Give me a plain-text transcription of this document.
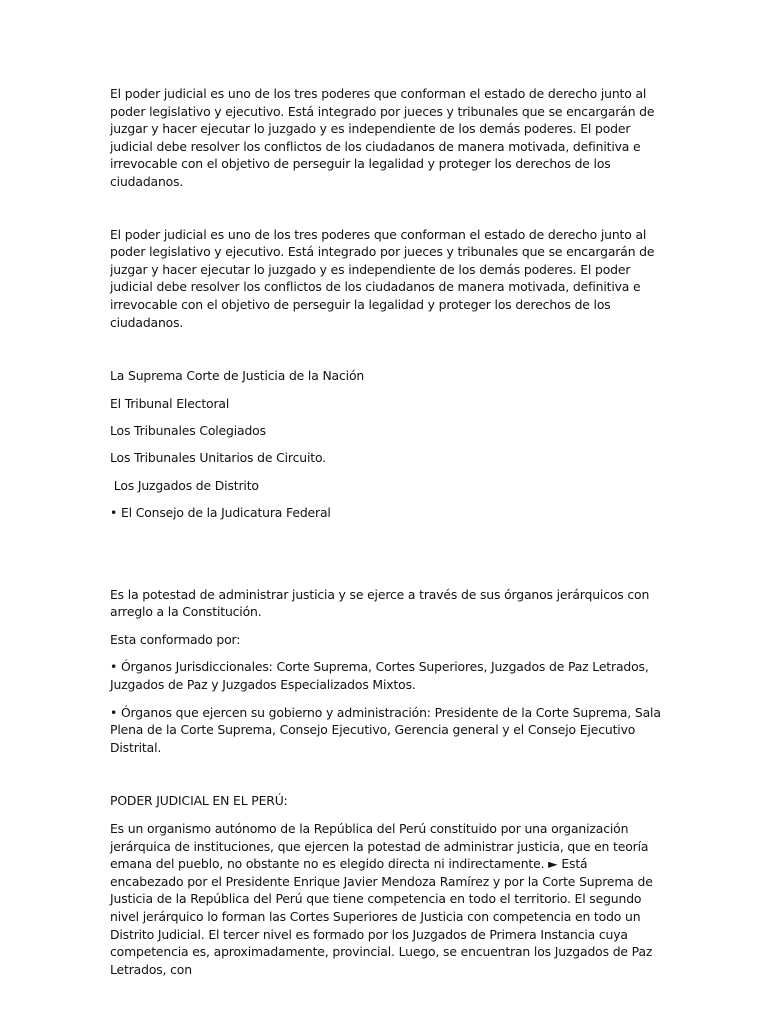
El poder judicial es uno de los tres poderes que conforman el estado de derecho junto al poder legislativo y ejecutivo. Está integrado por jueces y tribunales que se encargarán de juzgar y hacer ejecutar lo juzgado y es independiente de los demás poderes. El poder judicial debe resolver los conflictos de los ciudadanos de manera motivada, definitiva e irrevocable con el objetivo de perseguir la legalidad y proteger los derechos de los ciudadanos.

El poder judicial es uno de los tres poderes que conforman el estado de derecho junto al poder legislativo y ejecutivo. Está integrado por jueces y tribunales que se encargarán de juzgar y hacer ejecutar lo juzgado y es independiente de los demás poderes. El poder judicial debe resolver los conflictos de los ciudadanos de manera motivada, definitiva e irrevocable con el objetivo de perseguir la legalidad y proteger los derechos de los ciudadanos.

La Suprema Corte de Justicia de la Nación

El Tribunal Electoral

Los Tribunales Colegiados

Los Tribunales Unitarios de Circuito.

Los Juzgados de Distrito

• El Consejo de la Judicatura Federal

Es la potestad de administrar justicia y se ejerce a través de sus órganos jerárquicos con arreglo a la Constitución.

Esta conformado por:

• Órganos Jurisdiccionales: Corte Suprema, Cortes Superiores, Juzgados de Paz Letrados, Juzgados de Paz y Juzgados Especializados Mixtos.

• Órganos que ejercen su gobierno y administración: Presidente de la Corte Suprema, Sala Plena de la Corte Suprema, Consejo Ejecutivo, Gerencia general y el Consejo Ejecutivo Distrital.

PODER JUDICIAL EN EL PERÚ:

Es un organismo autónomo de la República del Perú constituido por una organización jerárquica de instituciones, que ejercen la potestad de administrar justicia, que en teoría emana del pueblo, no obstante no es elegido directa ni indirectamente. ► Está encabezado por el Presidente Enrique Javier Mendoza Ramírez y por la Corte Suprema de Justicia de la República del Perú que tiene competencia en todo el territorio. El segundo nivel jerárquico lo forman las Cortes Superiores de Justicia con competencia en todo un Distrito Judicial. El tercer nivel es formado por los Juzgados de Primera Instancia cuya competencia es, aproximadamente, provincial. Luego, se encuentran los Juzgados de Paz Letrados, con
